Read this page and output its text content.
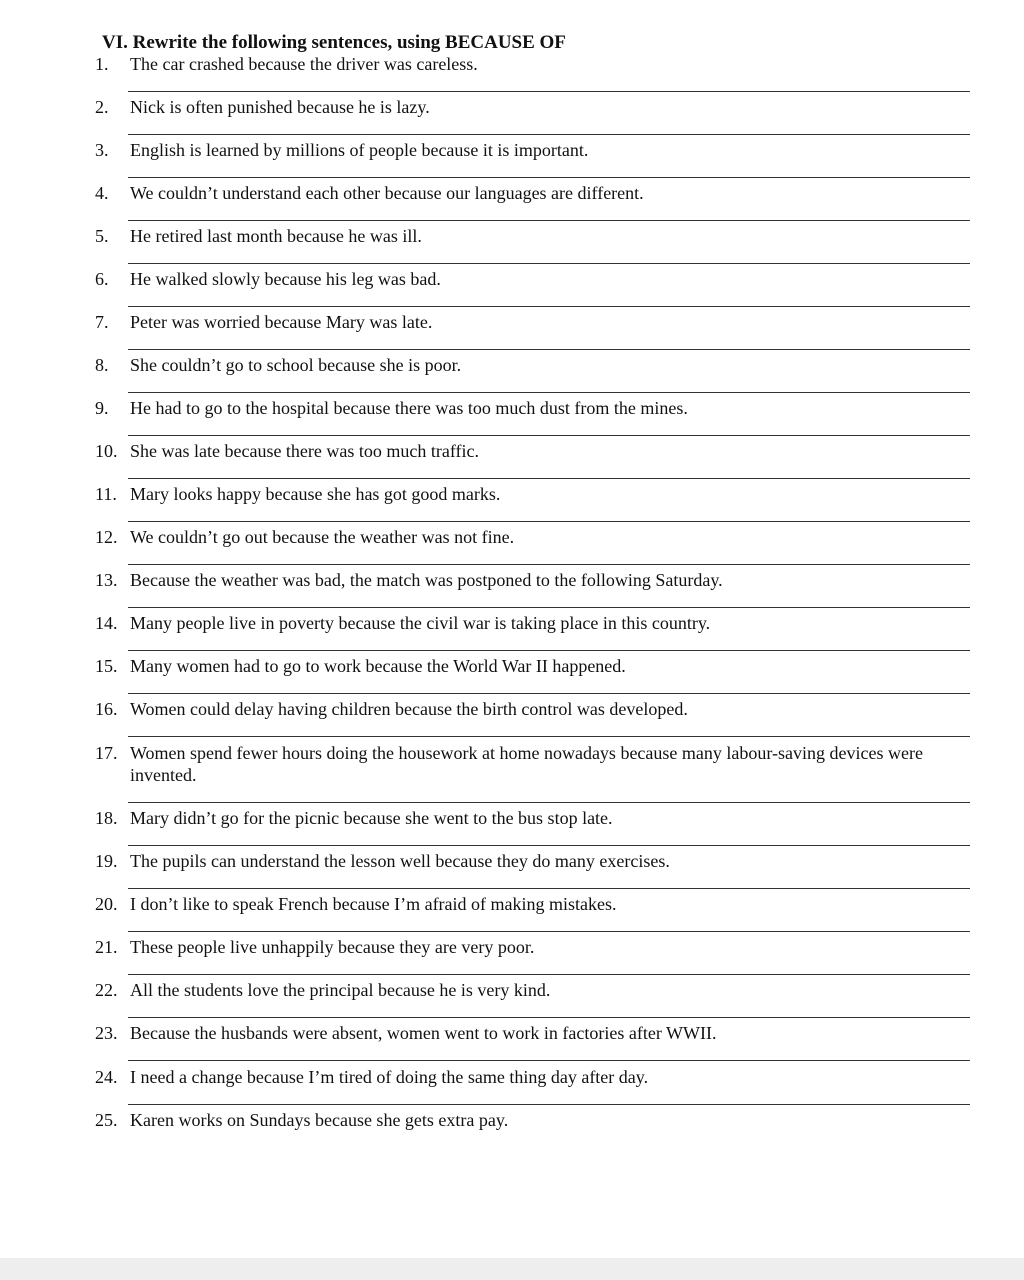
VI. Rewrite the following sentences, using BECAUSE OF
1. The car crashed because the driver was careless.
2. Nick is often punished because he is lazy.
3. English is learned by millions of people because it is important.
4. We couldn’t understand each other because our languages are different.
5. He retired last month because he was ill.
6. He walked slowly because his leg was bad.
7. Peter was worried because Mary was late.
8. She couldn’t go to school because she is poor.
9. He had to go to the hospital because there was too much dust from the mines.
10. She was late because there was too much traffic.
11. Mary looks happy because she has got good marks.
12. We couldn’t go out because the weather was not fine.
13. Because the weather was bad, the match was postponed to the following Saturday.
14. Many people live in poverty because the civil war is taking place in this country.
15. Many women had to go to work because the World War II happened.
16. Women could delay having children because the birth control was developed.
17. Women spend fewer hours doing the housework at home nowadays because many labour-saving devices were invented.
18. Mary didn’t go for the picnic because she went to the bus stop late.
19. The pupils can understand the lesson well because they do many exercises.
20. I don’t like to speak French because I’m afraid of making mistakes.
21. These people live unhappily because they are very poor.
22. All the students love the principal because he is very kind.
23. Because the husbands were absent, women went to work in factories after WWII.
24. I need a change because I’m tired of doing the same thing day after day.
25. Karen works on Sundays because she gets extra pay.
